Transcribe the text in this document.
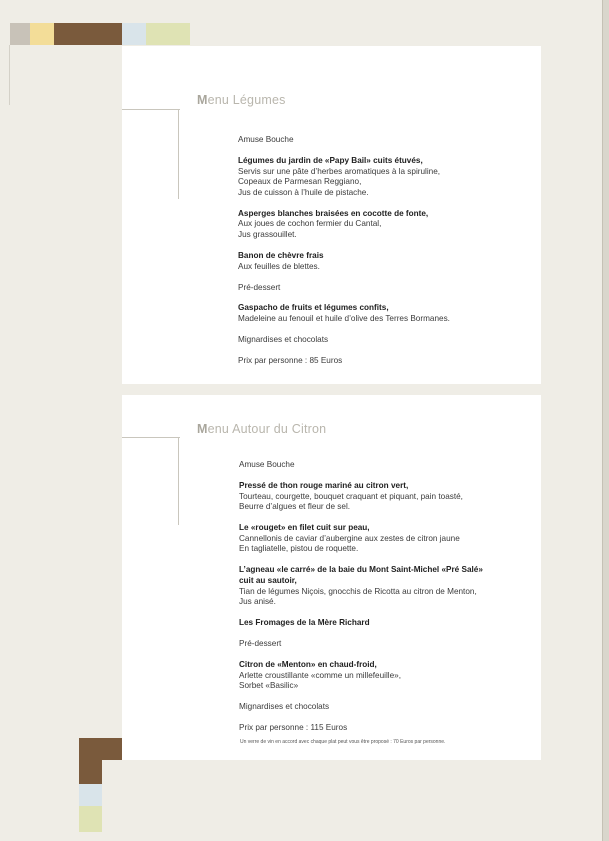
Menu Légumes
Amuse Bouche
Légumes du jardin de «Papy Bail» cuits étuvés,
Servis sur une pâte d’herbes aromatiques à la spiruline,
Copeaux de Parmesan Reggiano,
Jus de cuisson à l’huile de pistache.
Asperges blanches braisées en cocotte de fonte,
Aux joues de cochon fermier du Cantal,
Jus grassouillet.
Banon de chèvre frais
Aux feuilles de blettes.
Pré-dessert
Gaspacho de fruits et légumes confits,
Madeleine au fenouil et huile d’olive des Terres Bormanes.
Mignardises et chocolats
Prix par personne : 85 Euros
Menu Autour du Citron
Amuse Bouche
Pressé de thon rouge mariné au citron vert,
Tourteau, courgette, bouquet craquant et piquant, pain toasté,
Beurre d’algues et fleur de sel.
Le «rouget» en filet cuit sur peau,
Cannellonis de caviar d’aubergine aux zestes de citron jaune
En tagliatelle, pistou de roquette.
L’agneau «le carré» de la baie du Mont Saint-Michel «Pré Salé»
cuit au sautoir,
Tian de légumes Niçois, gnocchis de Ricotta au citron de Menton,
Jus anisé.
Les Fromages de la Mère Richard
Pré-dessert
Citron de «Menton» en chaud-froid,
Arlette croustillante «comme un millefeuille»,
Sorbet «Basilic»
Mignardises et chocolats
Prix par personne : 115 Euros
Un verre de vin en accord avec chaque plat peut vous être proposé : 70 Euros par personne.
